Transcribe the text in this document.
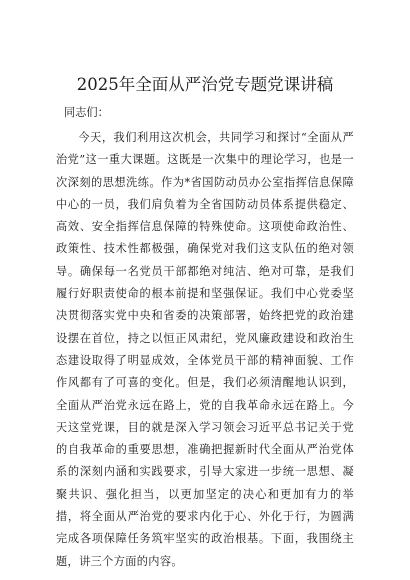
2025年全面从严治党专题党课讲稿

同志们：

今天，我们利用这次机会，共同学习和探讨“全面从严治党”这一重大课题。这既是一次集中的理论学习，也是一次深刻的思想洗练。作为*省国防动员办公室指挥信息保障中心的一员，我们肩负着为全省国防动员体系提供稳定、高效、安全指挥信息保障的特殊使命。这项使命政治性、政策性、技术性都极强，确保党对我们这支队伍的绝对领导。确保每一名党员干部都绝对纯洁、绝对可靠，是我们履行好职责使命的根本前提和坚强保证。我们中心党委坚决贯彻落实党中央和省委的决策部署，始终把党的政治建设摆在首位，持之以恒正风肃纪，党风廉政建设和政治生态建设取得了明显成效，全体党员干部的精神面貌、工作作风都有了可喜的变化。但是，我们必须清醒地认识到，全面从严治党永远在路上，党的自我革命永远在路上。今天这堂党课，目的就是深入学习领会习近平总书记关于党的自我革命的重要思想，准确把握新时代全面从严治党体系的深刻内涵和实践要求，引导大家进一步统一思想、凝聚共识、强化担当，以更加坚定的决心和更加有力的举措，将全面从严治党的要求内化于心、外化于行，为圆满完成各项保障任务筑牢坚实的政治根基。下面，我围绕主题，讲三个方面的内容。
